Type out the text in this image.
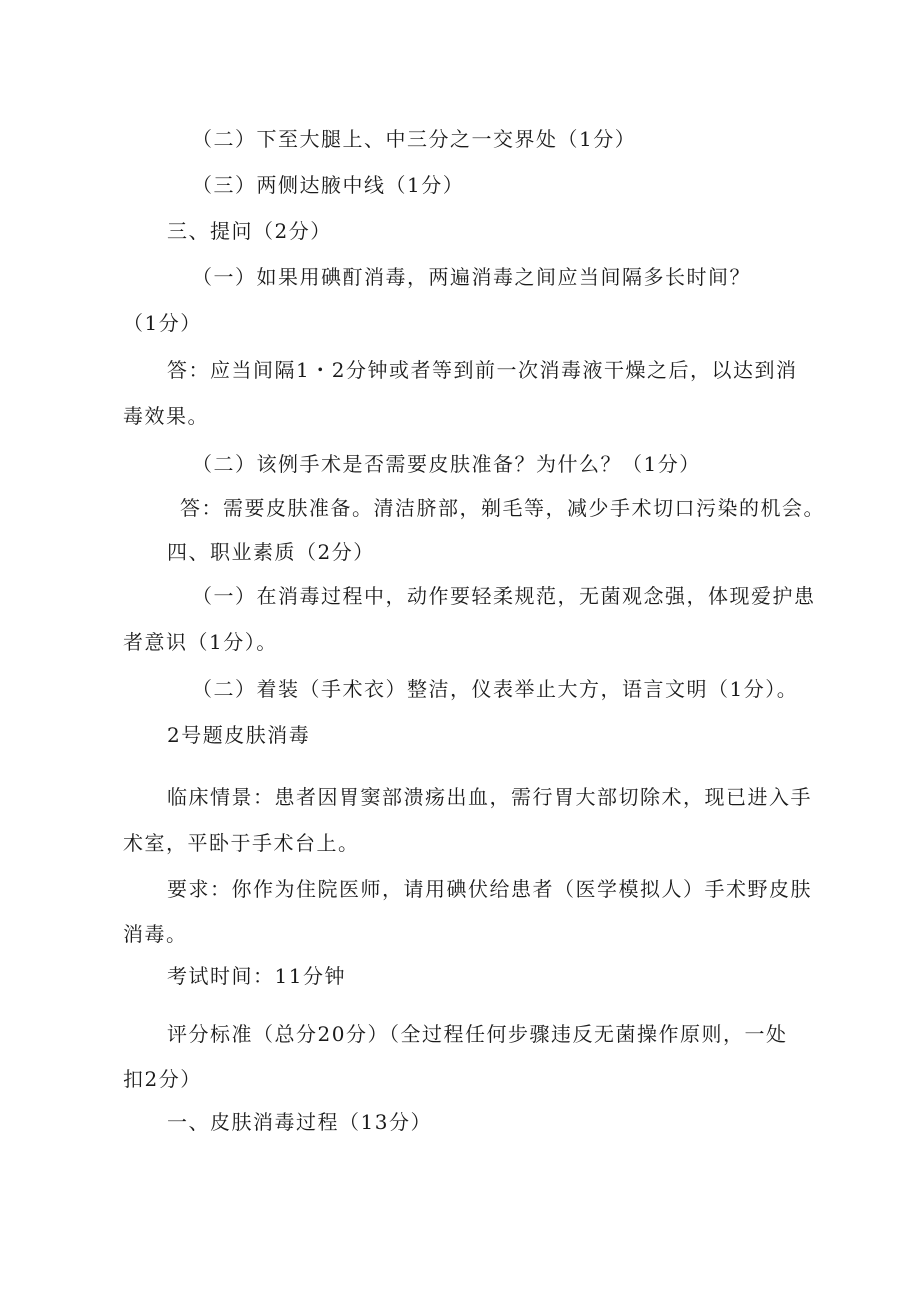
（二）下至大腿上、中三分之一交界处（1分）
（三）两侧达腋中线（1分）
三、提问（2分）
（一）如果用碘酊消毒，两遍消毒之间应当间隔多长时间？
（1分）
答：应当间隔1・2分钟或者等到前一次消毒液干燥之后，以达到消
毒效果。
（二）该例手术是否需要皮肤准备？为什么？（1分）
答：需要皮肤准备。清洁脐部，剃毛等，减少手术切口污染的机会。
四、职业素质（2分）
（一）在消毒过程中，动作要轻柔规范，无菌观念强，体现爱护患
者意识（1分）。
（二）着装（手术衣）整洁，仪表举止大方，语言文明（1分）。
2号题皮肤消毒
临床情景：患者因胃窦部溃疡出血，需行胃大部切除术，现已进入手
术室，平卧于手术台上。
要求：你作为住院医师，请用碘伏给患者（医学模拟人）手术野皮肤
消毒。
考试时间：11分钟
评分标准（总分20分）（全过程任何步骤违反无菌操作原则，一处
扣2分）
一、皮肤消毒过程（13分）
